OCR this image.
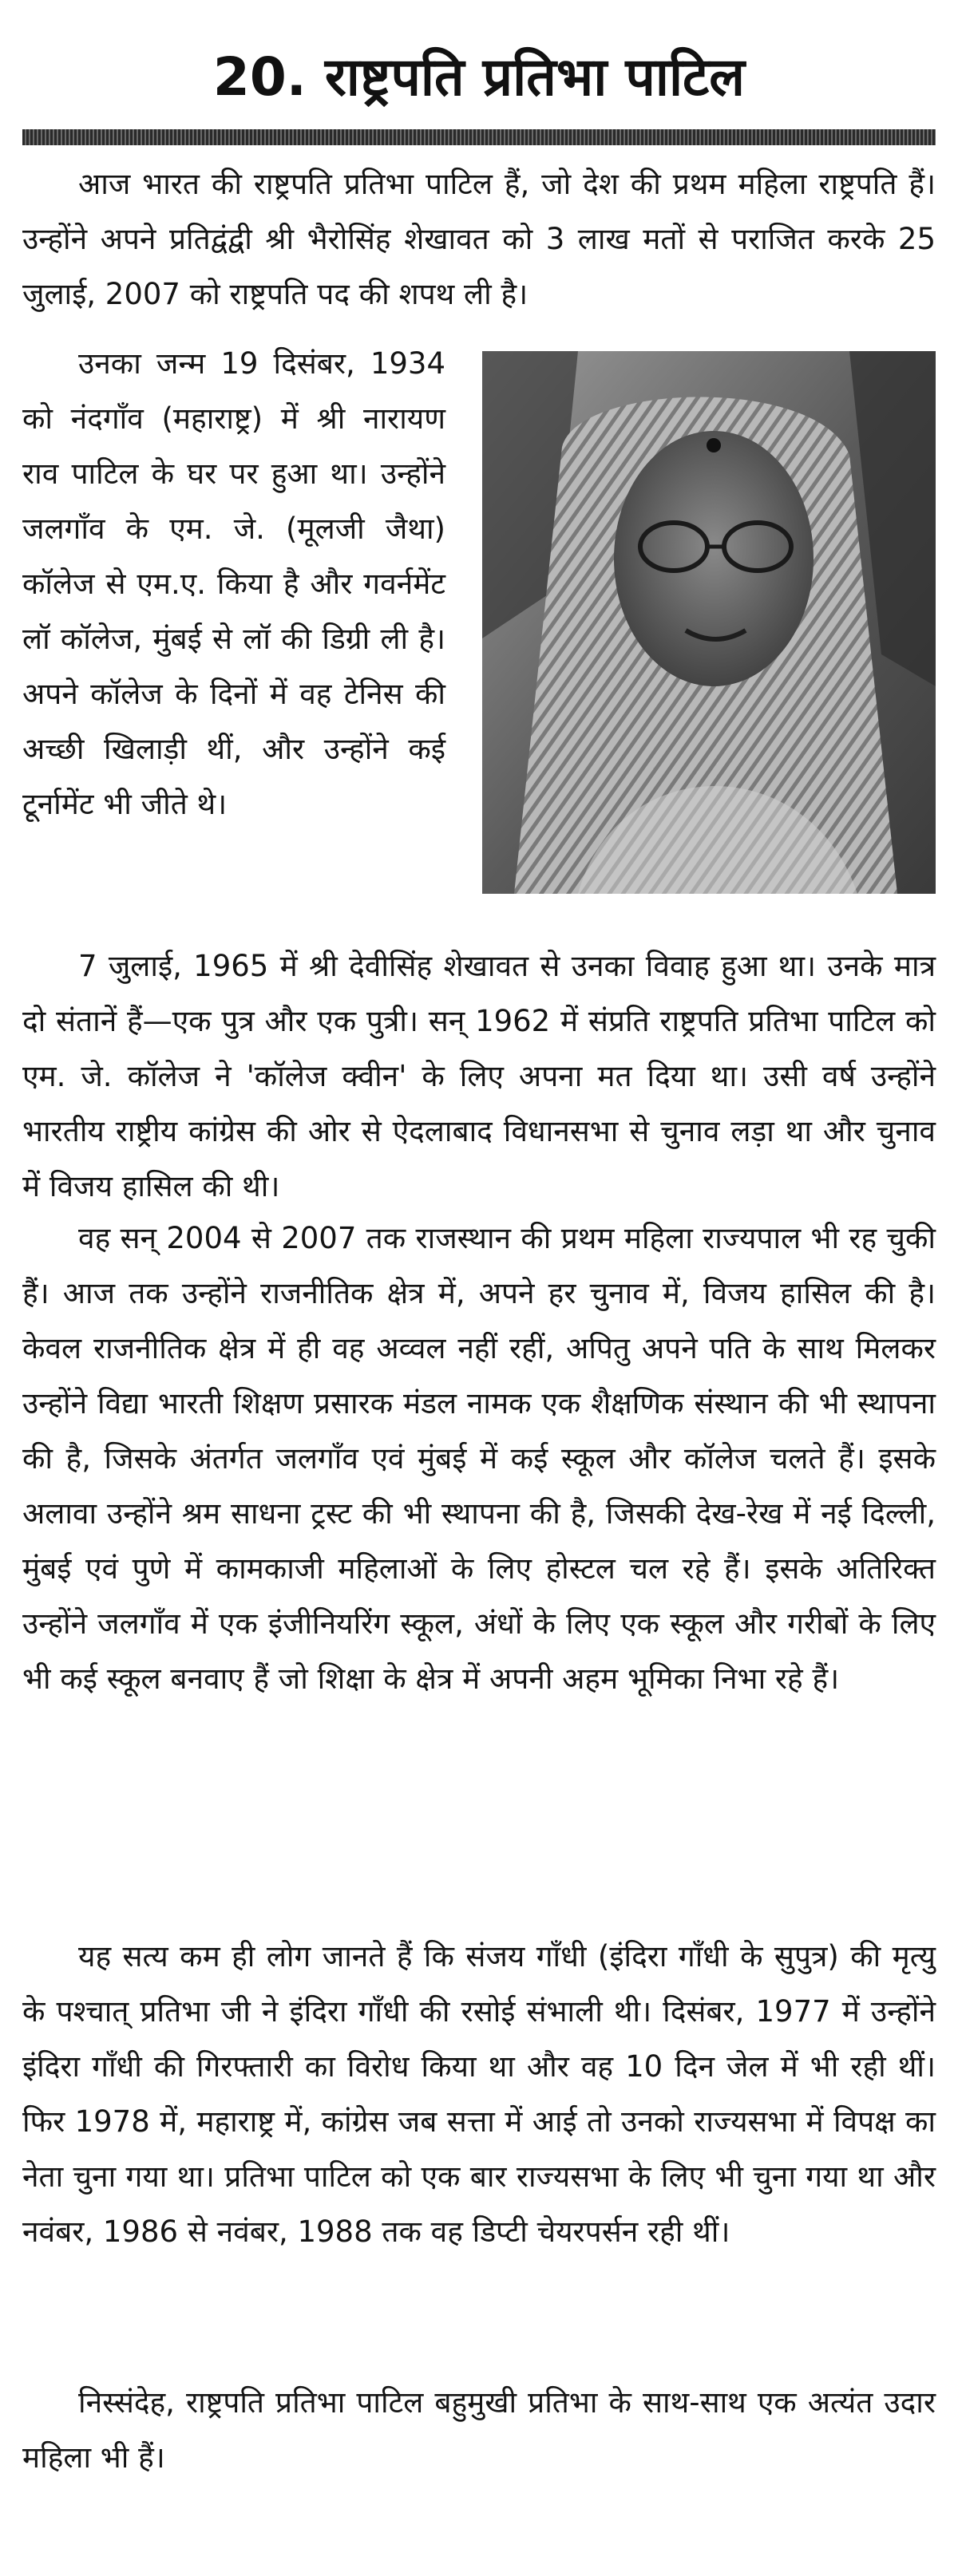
20. राष्ट्रपति प्रतिभा पाटिल

आज भारत की राष्ट्रपति प्रतिभा पाटिल हैं, जो देश की प्रथम महिला राष्ट्रपति हैं। उन्होंने अपने प्रतिद्वंद्वी श्री भैरोसिंह शेखावत को 3 लाख मतों से पराजित करके 25 जुलाई, 2007 को राष्ट्रपति पद की शपथ ली है।

उनका जन्म 19 दिसंबर, 1934 को नंदगाँव (महाराष्ट्र) में श्री नारायण राव पाटिल के घर पर हुआ था। उन्होंने जलगाँव के एम. जे. (मूलजी जैथा) कॉलेज से एम.ए. किया है और गवर्नमेंट लॉ कॉलेज, मुंबई से लॉ की डिग्री ली है। अपने कॉलेज के दिनों में वह टेनिस की अच्छी खिलाड़ी थीं, और उन्होंने कई टूर्नामेंट भी जीते थे।

7 जुलाई, 1965 में श्री देवीसिंह शेखावत से उनका विवाह हुआ था। उनके मात्र दो संतानें हैं—एक पुत्र और एक पुत्री। सन् 1962 में संप्रति राष्ट्रपति प्रतिभा पाटिल को एम. जे. कॉलेज ने 'कॉलेज क्वीन' के लिए अपना मत दिया था। उसी वर्ष उन्होंने भारतीय राष्ट्रीय कांग्रेस की ओर से ऐदलाबाद विधानसभा से चुनाव लड़ा था और चुनाव में विजय हासिल की थी।

वह सन् 2004 से 2007 तक राजस्थान की प्रथम महिला राज्यपाल भी रह चुकी हैं। आज तक उन्होंने राजनीतिक क्षेत्र में, अपने हर चुनाव में, विजय हासिल की है। केवल राजनीतिक क्षेत्र में ही वह अव्वल नहीं रहीं, अपितु अपने पति के साथ मिलकर उन्होंने विद्या भारती शिक्षण प्रसारक मंडल नामक एक शैक्षणिक संस्थान की भी स्थापना की है, जिसके अंतर्गत जलगाँव एवं मुंबई में कई स्कूल और कॉलेज चलते हैं। इसके अलावा उन्होंने श्रम साधना ट्रस्ट की भी स्थापना की है, जिसकी देख-रेख में नई दिल्ली, मुंबई एवं पुणे में कामकाजी महिलाओं के लिए होस्टल चल रहे हैं। इसके अतिरिक्त उन्होंने जलगाँव में एक इंजीनियरिंग स्कूल, अंधों के लिए एक स्कूल और गरीबों के लिए भी कई स्कूल बनवाए हैं जो शिक्षा के क्षेत्र में अपनी अहम भूमिका निभा रहे हैं।

यह सत्य कम ही लोग जानते हैं कि संजय गाँधी (इंदिरा गाँधी के सुपुत्र) की मृत्यु के पश्चात् प्रतिभा जी ने इंदिरा गाँधी की रसोई संभाली थी। दिसंबर, 1977 में उन्होंने इंदिरा गाँधी की गिरफ्तारी का विरोध किया था और वह 10 दिन जेल में भी रही थीं। फिर 1978 में, महाराष्ट्र में, कांग्रेस जब सत्ता में आई तो उनको राज्यसभा में विपक्ष का नेता चुना गया था। प्रतिभा पाटिल को एक बार राज्यसभा के लिए भी चुना गया था और नवंबर, 1986 से नवंबर, 1988 तक वह डिप्टी चेयरपर्सन रही थीं।

निस्संदेह, राष्ट्रपति प्रतिभा पाटिल बहुमुखी प्रतिभा के साथ-साथ एक अत्यंत उदार महिला भी हैं।
